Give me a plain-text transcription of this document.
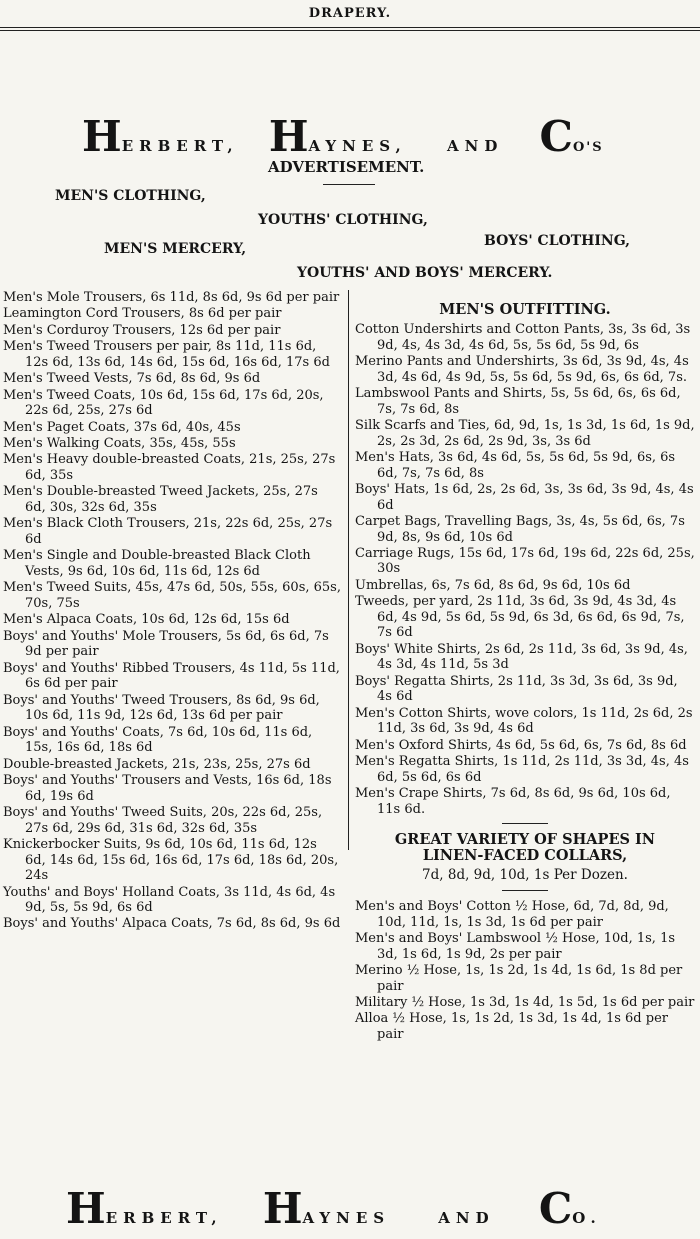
DRAPERY.
HERBERT, HAYNES,	AND CO'S
ADVERTISEMENT.
MEN'S CLOTHING,
YOUTHS' CLOTHING,
MEN'S MERCERY,	BOYS' CLOTHING,
YOUTHS' AND BOYS' MERCERY.
Men's Mole Trousers, 6s 11d, 8s 6d, 9s 6d per pair
Leamington Cord Trousers, 8s 6d per pair
Men's Corduroy Trousers, 12s 6d per pair
Men's Tweed Trousers per pair, 8s 11d, 11s 6d, 12s 6d, 13s 6d, 14s 6d, 15s 6d, 16s 6d, 17s 6d
Men's Tweed Vests, 7s 6d, 8s 6d, 9s 6d
Men's Tweed Coats, 10s 6d, 15s 6d, 17s 6d, 20s, 22s 6d, 25s, 27s 6d
Men's Paget Coats, 37s 6d, 40s, 45s
Men's Walking Coats, 35s, 45s, 55s
Men's Heavy double-breasted Coats, 21s, 25s, 27s 6d, 35s
Men's Double-breasted Tweed Jackets, 25s, 27s 6d, 30s, 32s 6d, 35s
Men's Black Cloth Trousers, 21s, 22s 6d, 25s, 27s 6d
Men's Single and Double-breasted Black Cloth Vests, 9s 6d, 10s 6d, 11s 6d, 12s 6d
Men's Tweed Suits, 45s, 47s 6d, 50s, 55s, 60s, 65s, 70s, 75s
Men's Alpaca Coats, 10s 6d, 12s 6d, 15s 6d
Boys' and Youths' Mole Trousers, 5s 6d, 6s 6d, 7s 9d per pair
Boys' and Youths' Ribbed Trousers, 4s 11d, 5s 11d, 6s 6d per pair
Boys' and Youths' Tweed Trousers, 8s 6d, 9s 6d, 10s 6d, 11s 9d, 12s 6d, 13s 6d per pair
Boys' and Youths' Coats, 7s 6d, 10s 6d, 11s 6d, 15s, 16s 6d, 18s 6d
Double-breasted Jackets, 21s, 23s, 25s, 27s 6d
Boys' and Youths' Trousers and Vests, 16s 6d, 18s 6d, 19s 6d
Boys' and Youths' Tweed Suits, 20s, 22s 6d, 25s, 27s 6d, 29s 6d, 31s 6d, 32s 6d, 35s
Knickerbocker Suits, 9s 6d, 10s 6d, 11s 6d, 12s 6d, 14s 6d, 15s 6d, 16s 6d, 17s 6d, 18s 6d, 20s, 24s
Youths' and Boys' Holland Coats, 3s 11d, 4s 6d, 4s 9d, 5s, 5s 9d, 6s 6d
Boys' and Youths' Alpaca Coats, 7s 6d, 8s 6d, 9s 6d
MEN'S OUTFITTING.
Cotton Undershirts and Cotton Pants, 3s, 3s 6d, 3s 9d, 4s, 4s 3d, 4s 6d, 5s, 5s 6d, 5s 9d, 6s
Merino Pants and Undershirts, 3s 6d, 3s 9d, 4s, 4s 3d, 4s 6d, 4s 9d, 5s, 5s 6d, 5s 9d, 6s, 6s 6d, 7s.
Lambswool Pants and Shirts, 5s, 5s 6d, 6s, 6s 6d, 7s, 7s 6d, 8s
Silk Scarfs and Ties, 6d, 9d, 1s, 1s 3d, 1s 6d, 1s 9d, 2s, 2s 3d, 2s 6d, 2s 9d, 3s, 3s 6d
Men's Hats, 3s 6d, 4s 6d, 5s, 5s 6d, 5s 9d, 6s, 6s 6d, 7s, 7s 6d, 8s
Boys' Hats, 1s 6d, 2s, 2s 6d, 3s, 3s 6d, 3s 9d, 4s, 4s 6d
Carpet Bags, Travelling Bags, 3s, 4s, 5s 6d, 6s, 7s 9d, 8s, 9s 6d, 10s 6d
Carriage Rugs, 15s 6d, 17s 6d, 19s 6d, 22s 6d, 25s, 30s
Umbrellas, 6s, 7s 6d, 8s 6d, 9s 6d, 10s 6d
Tweeds, per yard, 2s 11d, 3s 6d, 3s 9d, 4s 3d, 4s 6d, 4s 9d, 5s 6d, 5s 9d, 6s 3d, 6s 6d, 6s 9d, 7s, 7s 6d
Boys' White Shirts, 2s 6d, 2s 11d, 3s 6d, 3s 9d, 4s, 4s 3d, 4s 11d, 5s 3d
Boys' Regatta Shirts, 2s 11d, 3s 3d, 3s 6d, 3s 9d, 4s 6d
Men's Cotton Shirts, wove colors, 1s 11d, 2s 6d, 2s 11d, 3s 6d, 3s 9d, 4s 6d
Men's Oxford Shirts, 4s 6d, 5s 6d, 6s, 7s 6d, 8s 6d
Men's Regatta Shirts, 1s 11d, 2s 11d, 3s 3d, 4s, 4s 6d, 5s 6d, 6s 6d
Men's Crape Shirts, 7s 6d, 8s 6d, 9s 6d, 10s 6d, 11s 6d.
GREAT VARIETY OF SHAPES IN LINEN-FACED COLLARS,
7d, 8d, 9d, 10d, 1s Per Dozen.
Men's and Boys' Cotton ½ Hose, 6d, 7d, 8d, 9d, 10d, 11d, 1s, 1s 3d, 1s 6d per pair
Men's and Boys' Lambswool ½ Hose, 10d, 1s, 1s 3d, 1s 6d, 1s 9d, 2s per pair
Merino ½ Hose, 1s, 1s 2d, 1s 4d, 1s 6d, 1s 8d per pair
Military ½ Hose, 1s 3d, 1s 4d, 1s 5d, 1s 6d per pair
Alloa ½ Hose, 1s, 1s 2d, 1s 3d, 1s 4d, 1s 6d per pair
HERBERT, HAYNES	AND CO.
